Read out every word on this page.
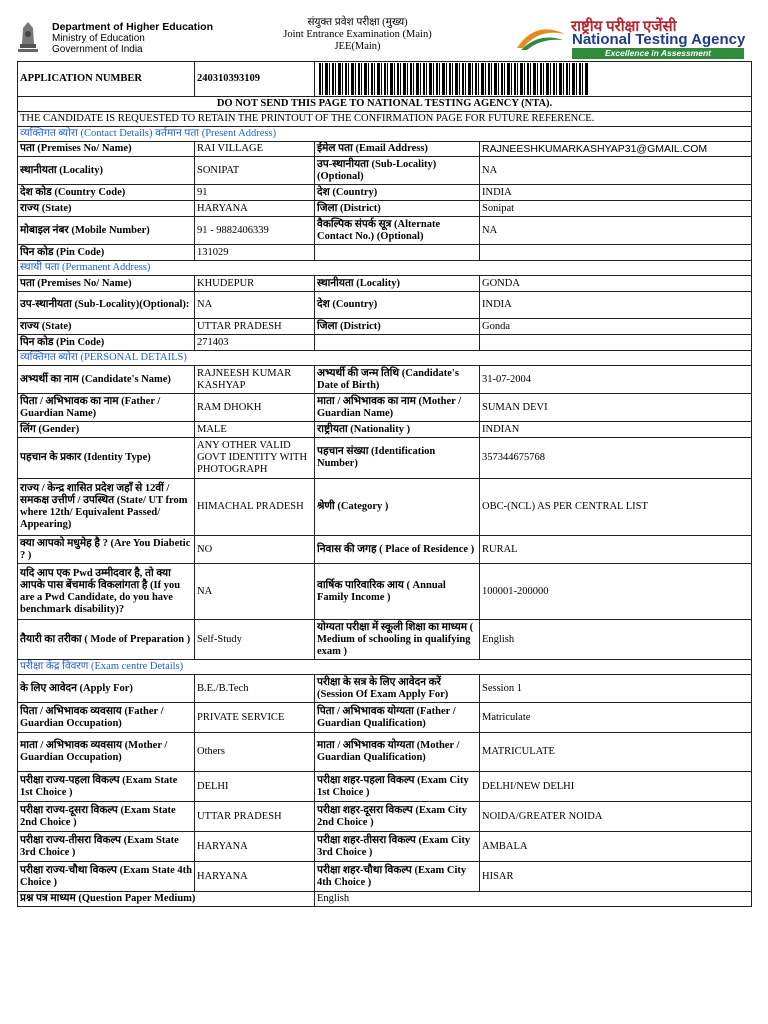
Department of Higher Education
Ministry of Education
Government of India
संयुक्त प्रवेश परीक्षा (मुख्य)
Joint Entrance Examination (Main)
JEE(Main)
राष्ट्रीय परीक्षा एजेंसी
National Testing Agency
Excellence in Assessment
APPLICATION NUMBER	240310393109		

DO NOT SEND THIS PAGE TO NATIONAL TESTING AGENCY (NTA).			
THE CANDIDATE IS REQUESTED TO RETAIN THE PRINTOUT OF THE CONFIRMATION PAGE FOR FUTURE REFERENCE.			
व्यक्तिगत ब्योरा (Contact Details) वर्तमान पता (Present Address)			
पता (Premises No/ Name)	RAI VILLAGE	ईमेल पता (Email Address)	RAJNEESHKUMARKASHYAP31@GMAIL.COM
स्थानीयता (Locality)	SONIPAT	उप-स्थानीयता (Sub-Locality)(Optional)	NA
देश कोड (Country Code)	91	देश (Country)	INDIA
राज्य (State)	HARYANA	जिला (District)	Sonipat
मोबाइल नंबर (Mobile Number)	91 - 9882406339	वैकल्पिक संपर्क सूत्र (Alternate Contact No.) (Optional)	NA
पिन कोड (Pin Code)	131029		
स्थायी पता (Permanent Address)			
पता (Premises No/ Name)	KHUDEPUR	स्थानीयता (Locality)	GONDA
उप-स्थानीयता (Sub-Locality)(Optional):	NA	देश (Country)	INDIA
राज्य (State)	UTTAR PRADESH	जिला (District)	Gonda
पिन कोड (Pin Code)	271403		
व्यक्तिगत ब्योरा (PERSONAL DETAILS)			
अभ्यर्थी का नाम (Candidate's Name)	RAJNEESH KUMAR KASHYAP	अभ्यर्थी की जन्म तिथि (Candidate's Date of Birth)	31-07-2004
पिता / अभिभावक का नाम (Father / Guardian Name)	RAM DHOKH	माता / अभिभावक का नाम (Mother / Guardian Name)	SUMAN DEVI
लिंग (Gender)	MALE	राष्ट्रीयता (Nationality )	INDIAN
पहचान के प्रकार (Identity Type)	ANY OTHER VALID GOVT IDENTITY WITH PHOTOGRAPH	पहचान संख्या (Identification Number)	357344675768
राज्य / केन्द्र शासित प्रदेश जहाँ से 12वीं / समकक्ष उत्तीर्ण / उपस्थित (State/ UT from where 12th/ Equivalent Passed/ Appearing)	HIMACHAL PRADESH	श्रेणी (Category )	OBC-(NCL) AS PER CENTRAL LIST
क्या आपको मधुमेह है ? (Are You Diabetic ? )	NO	निवास की जगह ( Place of Residence )	RURAL
यदि आप एक Pwd उम्मीदवार है, तो क्या आपके पास बेंचमार्क विकलांगता है (If you are a Pwd Candidate, do you have benchmark disability)?	NA	वार्षिक पारिवारिक आय ( Annual Family Income )	100001-200000
तैयारी का तरीका ( Mode of Preparation )	Self-Study	योग्यता परीक्षा में स्कूली शिक्षा का माध्यम ( Medium of schooling in qualifying exam )	English
परीक्षा केंद्र विवरण (Exam centre Details)			
के लिए आवेदन (Apply For)	B.E./B.Tech	परीक्षा के सत्र के लिए आवेदन करें (Session Of Exam Apply For)	Session 1
पिता / अभिभावक व्यवसाय (Father / Guardian Occupation)	PRIVATE SERVICE	पिता / अभिभावक योग्यता (Father / Guardian Qualification)	Matriculate
माता / अभिभावक व्यवसाय (Mother / Guardian Occupation)	Others	माता / अभिभावक योग्यता (Mother / Guardian Qualification)	MATRICULATE
परीक्षा राज्य-पहला विकल्प (Exam State 1st Choice )	DELHI	परीक्षा शहर-पहला विकल्प (Exam City 1st Choice )	DELHI/NEW DELHI
परीक्षा राज्य-दूसरा विकल्प (Exam State 2nd Choice )	UTTAR PRADESH	परीक्षा शहर-दूसरा विकल्प (Exam City 2nd Choice )	NOIDA/GREATER NOIDA
परीक्षा राज्य-तीसरा विकल्प (Exam State 3rd Choice )	HARYANA	परीक्षा शहर-तीसरा विकल्प (Exam City 3rd Choice )	AMBALA
परीक्षा राज्य-चौथा विकल्प (Exam State 4th Choice )	HARYANA	परीक्षा शहर-चौथा विकल्प (Exam City 4th Choice )	HISAR
प्रश्न पत्र माध्यम (Question Paper Medium)		English	
